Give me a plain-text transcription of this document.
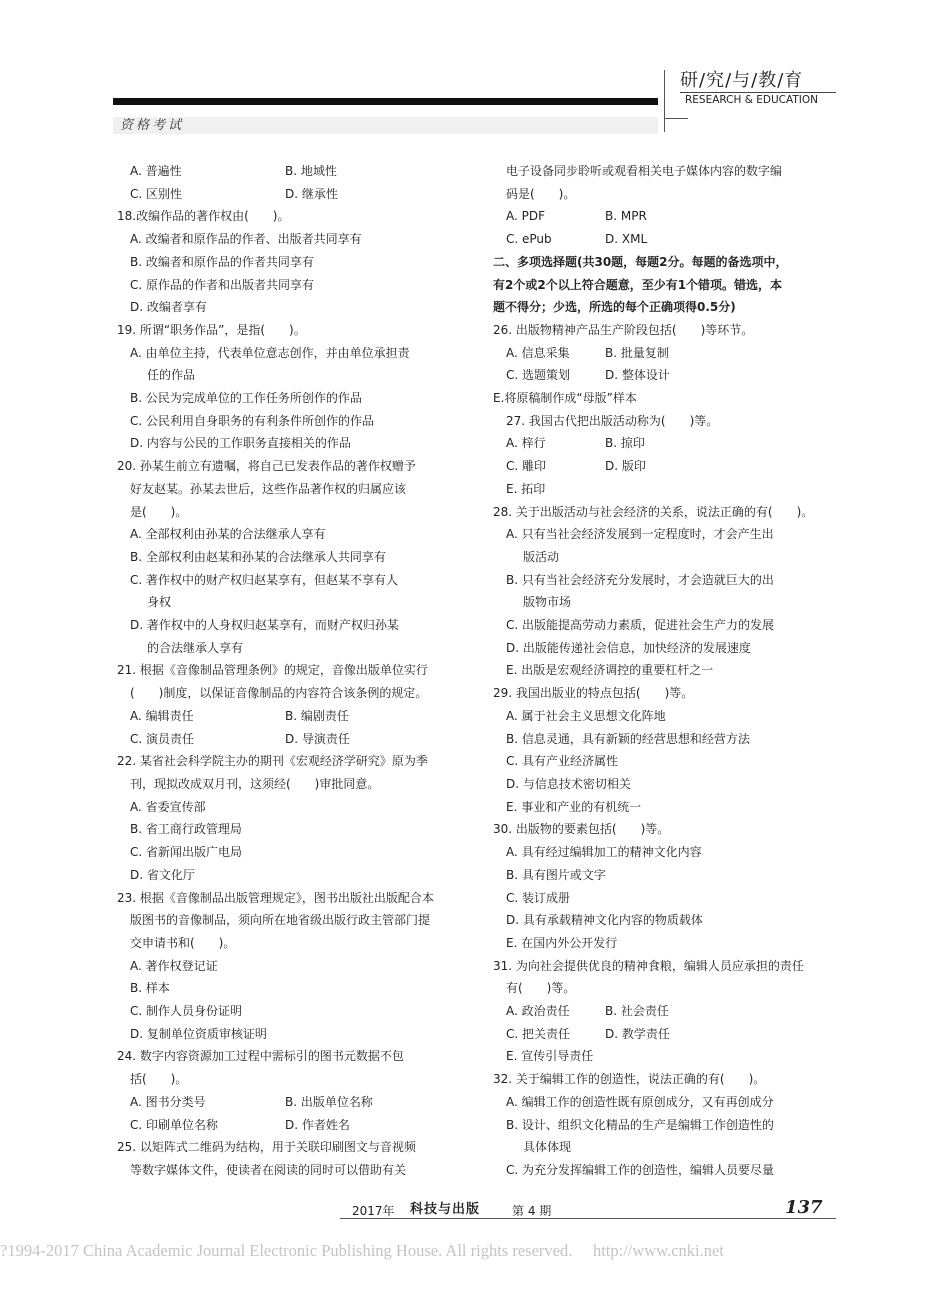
资格考试
研/究/与/教/育
RESEARCH & EDUCATION
A. 普遍性	B. 地域性
C. 区别性	D. 继承性
18.改编作品的著作权由(　　)。
A. 改编者和原作品的作者、出版者共同享有
B. 改编者和原作品的作者共同享有
C. 原作品的作者和出版者共同享有
D. 改编者享有
19. 所谓“职务作品”，是指(　　)。
A. 由单位主持，代表单位意志创作，并由单位承担责
任的作品
B. 公民为完成单位的工作任务所创作的作品
C. 公民利用自身职务的有利条件所创作的作品
D. 内容与公民的工作职务直接相关的作品
20. 孙某生前立有遗嘱，将自己已发表作品的著作权赠予
好友赵某。孙某去世后，这些作品著作权的归属应该
是(　　)。
A. 全部权利由孙某的合法继承人享有
B. 全部权利由赵某和孙某的合法继承人共同享有
C. 著作权中的财产权归赵某享有，但赵某不享有人
身权
D. 著作权中的人身权归赵某享有，而财产权归孙某
的合法继承人享有
21. 根据《音像制品管理条例》的规定，音像出版单位实行
(　　)制度，以保证音像制品的内容符合该条例的规定。
A. 编辑责任	B. 编剧责任
C. 演员责任	D. 导演责任
22. 某省社会科学院主办的期刊《宏观经济学研究》原为季
刊，现拟改成双月刊，这须经(　　)审批同意。
A. 省委宣传部
B. 省工商行政管理局
C. 省新闻出版广电局
D. 省文化厅
23. 根据《音像制品出版管理规定》，图书出版社出版配合本
版图书的音像制品，须向所在地省级出版行政主管部门提
交申请书和(　　)。
A. 著作权登记证
B. 样本
C. 制作人员身份证明
D. 复制单位资质审核证明
24. 数字内容资源加工过程中需标引的图书元数据不包
括(　　)。
A. 图书分类号	B. 出版单位名称
C. 印刷单位名称	D. 作者姓名
25. 以矩阵式二维码为结构，用于关联印刷图文与音视频
等数字媒体文件，使读者在阅读的同时可以借助有关
电子设备同步聆听或观看相关电子媒体内容的数字编
码是(　　)。
A. PDF	B. MPR
C. ePub	D. XML
二、多项选择题(共30题，每题2分。每题的备选项中，
有2个或2个以上符合题意，至少有1个错项。错选，本
题不得分；少选，所选的每个正确项得0.5分)
26. 出版物精神产品生产阶段包括(　　)等环节。
A. 信息采集	B. 批量复制
C. 选题策划	D. 整体设计
E.将原稿制作成“母版”样本
27. 我国古代把出版活动称为(　　)等。
A. 梓行	B. 掠印
C. 雕印	D. 版印
E. 拓印
28. 关于出版活动与社会经济的关系，说法正确的有(　　)。
A. 只有当社会经济发展到一定程度时，才会产生出
版活动
B. 只有当社会经济充分发展时，才会造就巨大的出
版物市场
C. 出版能提高劳动力素质，促进社会生产力的发展
D. 出版能传递社会信息，加快经济的发展速度
E. 出版是宏观经济调控的重要杠杆之一
29. 我国出版业的特点包括(　　)等。
A. 属于社会主义思想文化阵地
B. 信息灵通，具有新颖的经营思想和经营方法
C. 具有产业经济属性
D. 与信息技术密切相关
E. 事业和产业的有机统一
30. 出版物的要素包括(　　)等。
A. 具有经过编辑加工的精神文化内容
B. 具有图片或文字
C. 装订成册
D. 具有承载精神文化内容的物质载体
E. 在国内外公开发行
31. 为向社会提供优良的精神食粮，编辑人员应承担的责任
有(　　)等。
A. 政治责任	B. 社会责任
C. 把关责任	D. 教学责任
E. 宣传引导责任
32. 关于编辑工作的创造性，说法正确的有(　　)。
A. 编辑工作的创造性既有原创成分，又有再创成分
B. 设计、组织文化精品的生产是编辑工作创造性的
具体体现
C. 为充分发挥编辑工作的创造性，编辑人员要尽量
2017年 科技与出版	第 4 期	137
?1994-2017 China Academic Journal Electronic Publishing House. All rights reserved. http://www.cnki.net
